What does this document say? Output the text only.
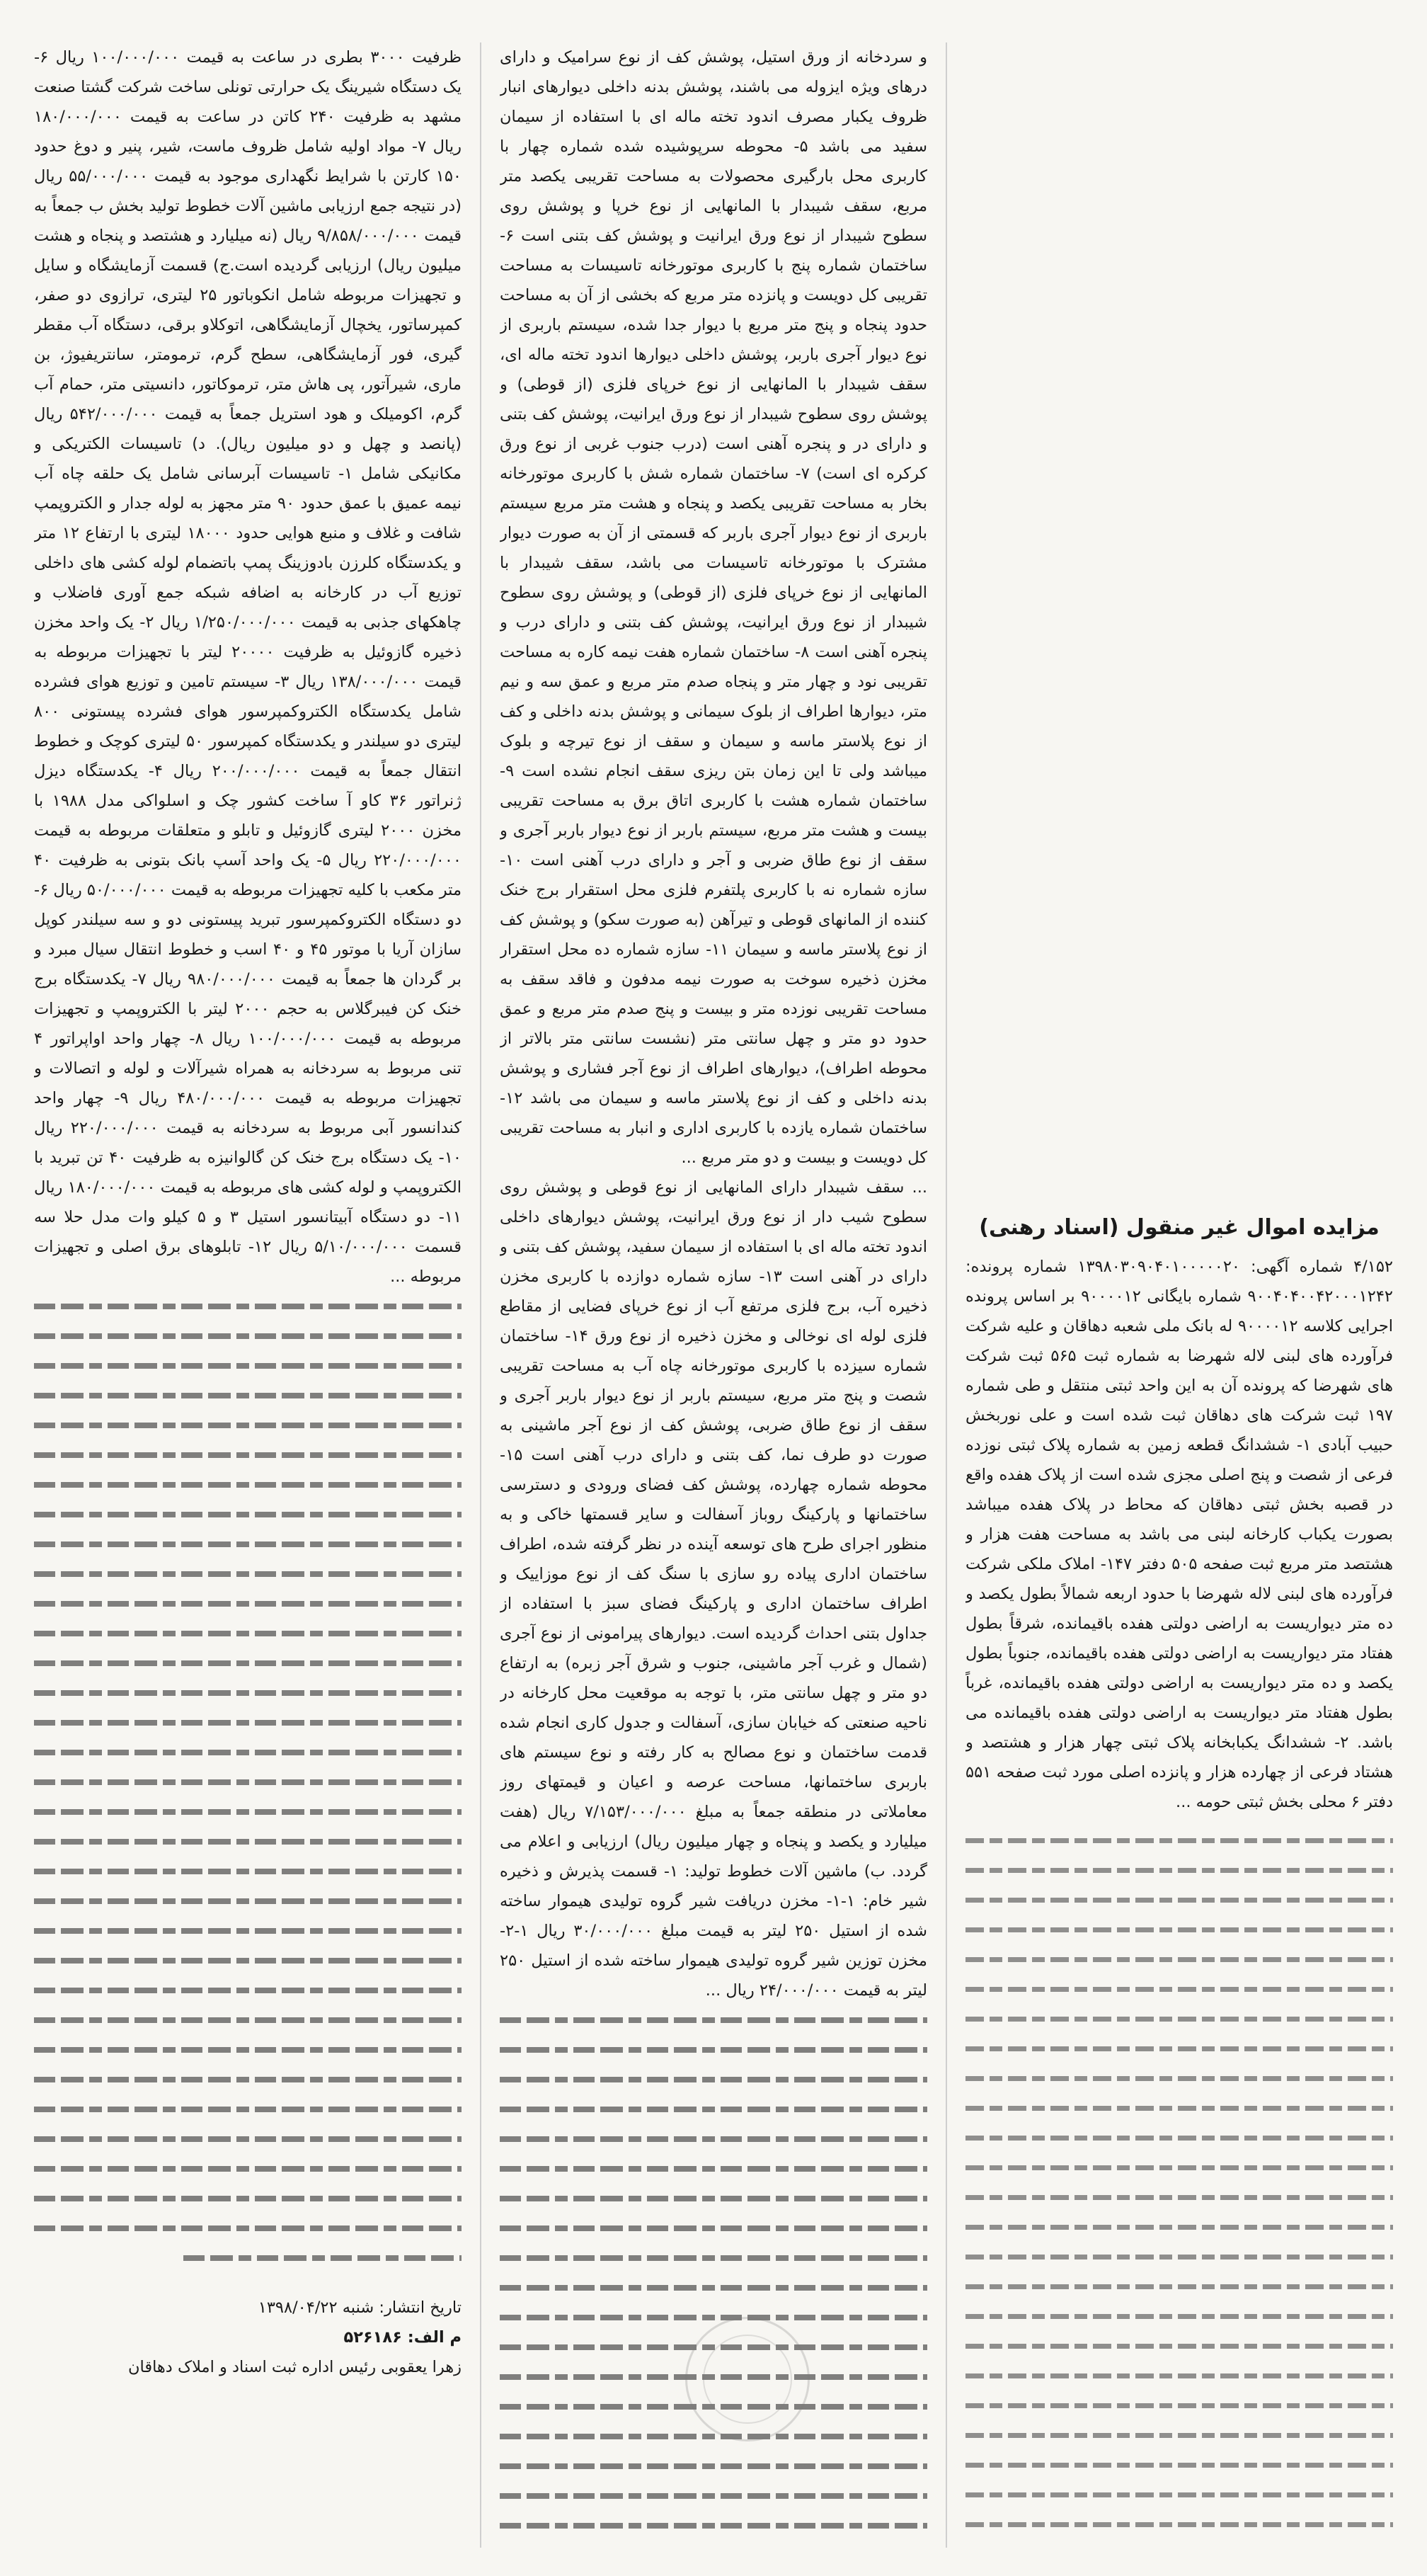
مزایده اموال غیر منقول (اسناد رهنی)

۴/۱۵۲ شماره آگهی: ۱۳۹۸۰۳۰۹۰۴۰۱۰۰۰۰۰۲۰ شماره پرونده: ۹۰۰۴۰۴۰۰۴۲۰۰۰۱۲۴۲ شماره بایگانی ۹۰۰۰۰۱۲ بر اساس پرونده اجرایی کلاسه ۹۰۰۰۰۱۲ له بانک ملی شعبه دهاقان و علیه شرکت فرآورده های لبنی لاله شهرضا به شماره ثبت ۵۶۵ ثبت شرکت های شهرضا که پرونده آن به این واحد ثبتی منتقل و طی شماره ۱۹۷ ثبت شرکت های دهاقان ثبت شده است و علی نوربخش حبیب آبادی ۱- ششدانگ قطعه زمین به شماره پلاک ثبتی نوزده فرعی از شصت و پنج اصلی مجزی شده است از پلاک هفده واقع در قصبه بخش ثبتی دهاقان که محاط در پلاک هفده میباشد بصورت یکباب کارخانه لبنی می باشد به مساحت هفت هزار و هشتصد متر مربع ثبت صفحه ۵۰۵ دفتر ۱۴۷- املاک ملکی شرکت فرآورده های لبنی لاله شهرضا با حدود اربعه شمالاً بطول یکصد و ده متر دیواریست به اراضی دولتی هفده باقیمانده، شرقاً بطول هفتاد متر دیواریست به اراضی دولتی هفده باقیمانده، جنوباً بطول یکصد و ده متر دیواریست به اراضی دولتی هفده باقیمانده، غرباً بطول هفتاد متر دیواریست به اراضی دولتی هفده باقیمانده می باشد. ۲- ششدانگ یکبابخانه پلاک ثبتی چهار هزار و هشتصد و هشتاد فرعی از چهارده هزار و پانزده اصلی مورد ثبت صفحه ۵۵۱ دفتر ۶ محلی بخش ثبتی حومه ...

و سردخانه از ورق استیل، پوشش کف از نوع سرامیک و دارای درهای ویژه ایزوله می باشند، پوشش بدنه داخلی دیوارهای انبار ظروف یکبار مصرف اندود تخته ماله ای با استفاده از سیمان سفید می باشد ۵- محوطه سرپوشیده شده شماره چهار با کاربری محل بارگیری محصولات به مساحت تقریبی یکصد متر مربع، سقف شیبدار با المانهایی از نوع خرپا و پوشش روی سطوح شیبدار از نوع ورق ایرانیت و پوشش کف بتنی است ۶- ساختمان شماره پنج با کاربری موتورخانه تاسیسات به مساحت تقریبی کل دویست و پانزده متر مربع که بخشی از آن به مساحت حدود پنجاه و پنج متر مربع با دیوار جدا شده، سیستم باربری از نوع دیوار آجری باربر، پوشش داخلی دیوارها اندود تخته ماله ای، سقف شیبدار با المانهایی از نوع خرپای فلزی (از قوطی) و پوشش روی سطوح شیبدار از نوع ورق ایرانیت، پوشش کف بتنی و دارای در و پنجره آهنی است (درب جنوب غربی از نوع ورق کرکره ای است) ۷- ساختمان شماره شش با کاربری موتورخانه بخار به مساحت تقریبی یکصد و پنجاه و هشت متر مربع سیستم باربری از نوع دیوار آجری باربر که قسمتی از آن به صورت دیوار مشترک با موتورخانه تاسیسات می باشد، سقف شیبدار با المانهایی از نوع خرپای فلزی (از قوطی) و پوشش روی سطوح شیبدار از نوع ورق ایرانیت، پوشش کف بتنی و دارای درب و پنجره آهنی است ۸- ساختمان شماره هفت نیمه کاره به مساحت تقریبی نود و چهار متر و پنجاه صدم متر مربع و عمق سه و نیم متر، دیوارها اطراف از بلوک سیمانی و پوشش بدنه داخلی و کف از نوع پلاستر ماسه و سیمان و سقف از نوع تیرچه و بلوک میباشد ولی تا این زمان بتن ریزی سقف انجام نشده است ۹- ساختمان شماره هشت با کاربری اتاق برق به مساحت تقریبی بیست و هشت متر مربع، سیستم باربر از نوع دیوار باربر آجری و سقف از نوع طاق ضربی و آجر و دارای درب آهنی است ۱۰- سازه شماره نه با کاربری پلتفرم فلزی محل استقرار برج خنک کننده از المانهای قوطی و تیرآهن (به صورت سکو) و پوشش کف از نوع پلاستر ماسه و سیمان ۱۱- سازه شماره ده محل استقرار مخزن ذخیره سوخت به صورت نیمه مدفون و فاقد سقف به مساحت تقریبی نوزده متر و بیست و پنج صدم متر مربع و عمق حدود دو متر و چهل سانتی متر (نشست سانتی متر بالاتر از محوطه اطراف)، دیوارهای اطراف از نوع آجر فشاری و پوشش بدنه داخلی و کف از نوع پلاستر ماسه و سیمان می باشد ۱۲- ساختمان شماره یازده با کاربری اداری و انبار به مساحت تقریبی کل دویست و بیست و دو متر مربع ...

... سقف شیبدار دارای المانهایی از نوع قوطی و پوشش روی سطوح شیب دار از نوع ورق ایرانیت، پوشش دیوارهای داخلی اندود تخته ماله ای با استفاده از سیمان سفید، پوشش کف بتنی و دارای در آهنی است ۱۳- سازه شماره دوازده با کاربری مخزن ذخیره آب، برج فلزی مرتفع آب از نوع خرپای فضایی از مقاطع فلزی لوله ای نوخالی و مخزن ذخیره از نوع ورق ۱۴- ساختمان شماره سیزده با کاربری موتورخانه چاه آب به مساحت تقریبی شصت و پنج متر مربع، سیستم باربر از نوع دیوار باربر آجری و سقف از نوع طاق ضربی، پوشش کف از نوع آجر ماشینی به صورت دو طرف نما، کف بتنی و دارای درب آهنی است ۱۵- محوطه شماره چهارده، پوشش کف فضای ورودی و دسترسی ساختمانها و پارکینگ روباز آسفالت و سایر قسمتها خاکی و به منظور اجرای طرح های توسعه آینده در نظر گرفته شده، اطراف ساختمان اداری پیاده رو سازی با سنگ کف از نوع موزاییک و اطراف ساختمان اداری و پارکینگ فضای سبز با استفاده از جداول بتنی احداث گردیده است. دیوارهای پیرامونی از نوع آجری (شمال و غرب آجر ماشینی، جنوب و شرق آجر زبره) به ارتفاع دو متر و چهل سانتی متر، با توجه به موقعیت محل کارخانه در ناحیه صنعتی که خیابان سازی، آسفالت و جدول کاری انجام شده قدمت ساختمان و نوع مصالح به کار رفته و نوع سیستم های باربری ساختمانها، مساحت عرصه و اعیان و قیمتهای روز معاملاتی در منطقه جمعاً به مبلغ ۷/۱۵۳/۰۰۰/۰۰۰ ریال (هفت میلیارد و یکصد و پنجاه و چهار میلیون ریال) ارزیابی و اعلام می گردد. ب) ماشین آلات خطوط تولید: ۱- قسمت پذیرش و ذخیره شیر خام: ۱-۱- مخزن دریافت شیر گروه تولیدی هیموار ساخته شده از استیل ۲۵۰ لیتر به قیمت مبلغ ۳۰/۰۰۰/۰۰۰ ریال ۱-۲- مخزن توزین شیر گروه تولیدی هیموار ساخته شده از استیل ۲۵۰ لیتر به قیمت ۲۴/۰۰۰/۰۰۰ ریال ...

ظرفیت ۳۰۰۰ بطری در ساعت به قیمت ۱۰۰/۰۰۰/۰۰۰ ریال ۶- یک دستگاه شیرینگ یک حرارتی تونلی ساخت شرکت گشتا صنعت مشهد به ظرفیت ۲۴۰ کاتن در ساعت به قیمت ۱۸۰/۰۰۰/۰۰۰ ریال ۷- مواد اولیه شامل ظروف ماست، شیر، پنیر و دوغ حدود ۱۵۰ کارتن با شرایط نگهداری موجود به قیمت ۵۵/۰۰۰/۰۰۰ ریال (در نتیجه جمع ارزیابی ماشین آلات خطوط تولید بخش ب جمعاً به قیمت ۹/۸۵۸/۰۰۰/۰۰۰ ریال (نه میلیارد و هشتصد و پنجاه و هشت میلیون ریال) ارزیابی گردیده است.ج) قسمت آزمایشگاه و سایل و تجهیزات مربوطه شامل انکوباتور ۲۵ لیتری، ترازوی دو صفر، کمپرساتور، یخچال آزمایشگاهی، اتوکلاو برقی، دستگاه آب مقطر گیری، فور آزمایشگاهی، سطح گرم، ترمومتر، سانتریفیوژ، بن ماری، شیرآتور، پی هاش متر، ترموکاتور، دانسیتی متر، حمام آب گرم، اکومیلک و هود استریل جمعاً به قیمت ۵۴۲/۰۰۰/۰۰۰ ریال (پانصد و چهل و دو میلیون ریال). د) تاسیسات الکتریکی و مکانیکی شامل ۱- تاسیسات آبرسانی شامل یک حلقه چاه آب نیمه عمیق با عمق حدود ۹۰ متر مجهز به لوله جدار و الکتروپمپ شافت و غلاف و منبع هوایی حدود ۱۸۰۰۰ لیتری با ارتفاع ۱۲ متر و یکدستگاه کلرزن بادوزینگ پمپ باتضمام لوله کشی های داخلی توزیع آب در کارخانه به اضافه شبکه جمع آوری فاضلاب و چاهکهای جذبی به قیمت ۱/۲۵۰/۰۰۰/۰۰۰ ریال ۲- یک واحد مخزن ذخیره گازوئیل به ظرفیت ۲۰۰۰۰ لیتر با تجهیزات مربوطه به قیمت ۱۳۸/۰۰۰/۰۰۰ ریال ۳- سیستم تامین و توزیع هوای فشرده شامل یکدستگاه الکتروکمپرسور هوای فشرده پیستونی ۸۰۰ لیتری دو سیلندر و یکدستگاه کمپرسور ۵۰ لیتری کوچک و خطوط انتقال جمعاً به قیمت ۲۰۰/۰۰۰/۰۰۰ ریال ۴- یکدستگاه دیزل ژنراتور ۳۶ کاو آ ساخت کشور چک و اسلواکی مدل ۱۹۸۸ با مخزن ۲۰۰۰ لیتری گازوئیل و تابلو و متعلقات مربوطه به قیمت ۲۲۰/۰۰۰/۰۰۰ ریال ۵- یک واحد آسپ بانک بتونی به ظرفیت ۴۰ متر مکعب با کلیه تجهیزات مربوطه به قیمت ۵۰/۰۰۰/۰۰۰ ریال ۶- دو دستگاه الکتروکمپرسور تبرید پیستونی دو و سه سیلندر کوپل سازان آریا با موتور ۴۵ و ۴۰ اسب و خطوط انتقال سیال مبرد و بر گردان ها جمعاً به قیمت ۹۸۰/۰۰۰/۰۰۰ ریال ۷- یکدستگاه برج خنک کن فیبرگلاس به حجم ۲۰۰۰ لیتر با الکتروپمپ و تجهیزات مربوطه به قیمت ۱۰۰/۰۰۰/۰۰۰ ریال ۸- چهار واحد اواپراتور ۴ تنی مربوط به سردخانه به همراه شیرآلات و لوله و اتصالات و تجهیزات مربوطه به قیمت ۴۸۰/۰۰۰/۰۰۰ ریال ۹- چهار واحد کندانسور آبی مربوط به سردخانه به قیمت ۲۲۰/۰۰۰/۰۰۰ ریال ۱۰- یک دستگاه برج خنک کن گالوانیزه به ظرفیت ۴۰ تن تبرید با الکتروپمپ و لوله کشی های مربوطه به قیمت ۱۸۰/۰۰۰/۰۰۰ ریال ۱۱- دو دستگاه آبیتانسور استیل ۳ و ۵ کیلو وات مدل حلا سه قسمت ۵/۱۰/۰۰۰/۰۰۰ ریال ۱۲- تابلوهای برق اصلی و تجهیزات مربوطه ...

تاریخ انتشار: شنبه ۱۳۹۸/۰۴/۲۲
م الف: ۵۲۶۱۸۶
زهرا یعقوبی رئیس اداره ثبت اسناد و املاک دهاقان
